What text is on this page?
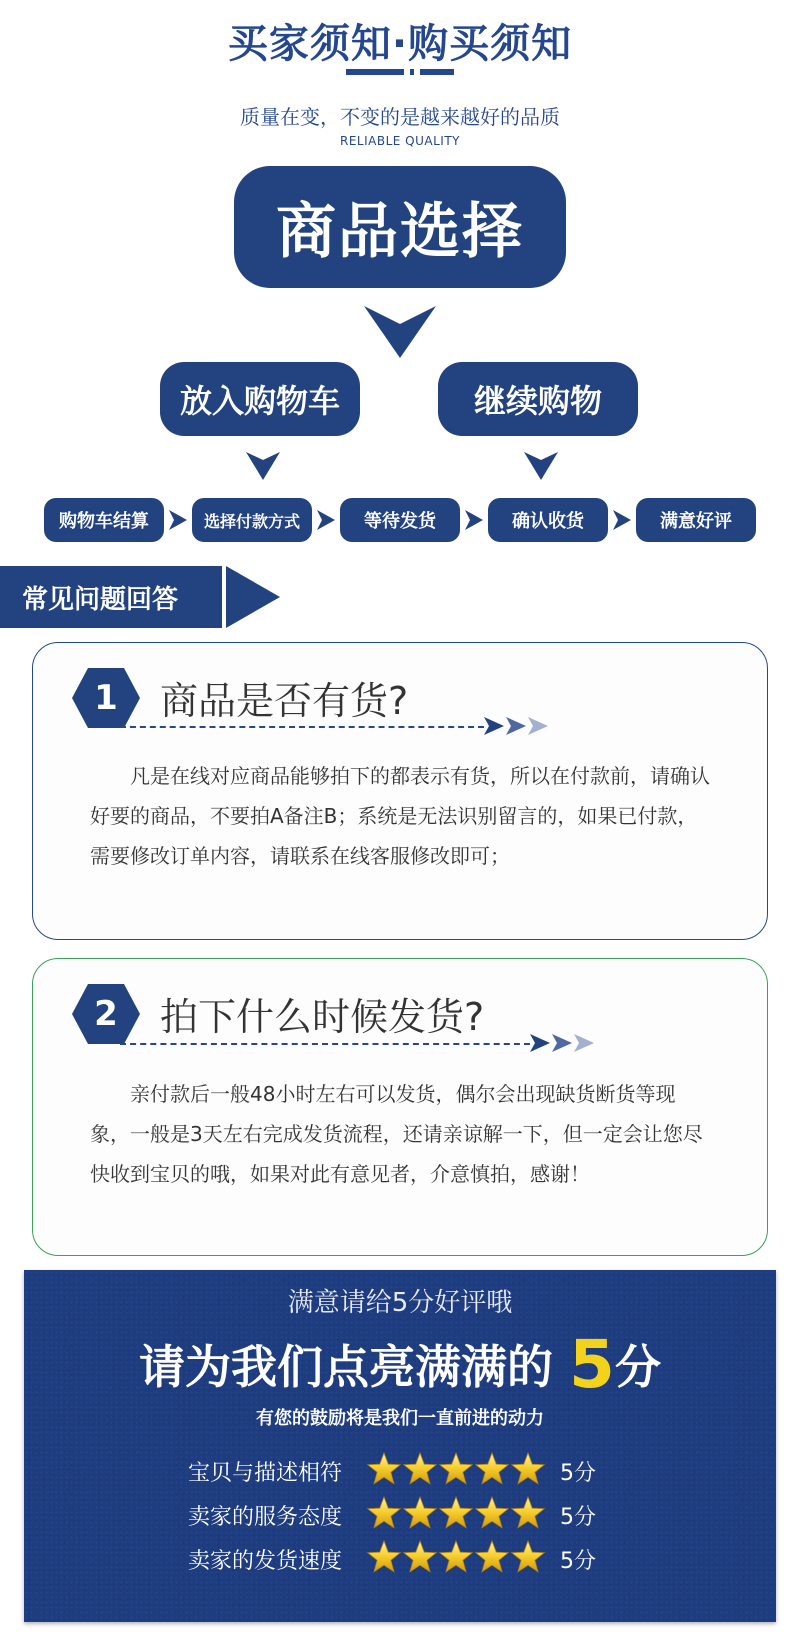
买家须知·购买须知
质量在变，不变的是越来越好的品质
RELIABLE QUALITY
商品选择
放入购物车	继续购物
购物车结算	选择付款方式	等待发货	确认收货	满意好评
常见问题回答
1	商品是否有货?
凡是在线对应商品能够拍下的都表示有货，所以在付款前，请确认好要的商品，不要拍A备注B；系统是无法识别留言的，如果已付款，需要修改订单内容，请联系在线客服修改即可；
2	拍下什么时候发货?
亲付款后一般48小时左右可以发货，偶尔会出现缺货断货等现象，一般是3天左右完成发货流程，还请亲谅解一下，但一定会让您尽快收到宝贝的哦，如果对此有意见者，介意慎拍，感谢！
满意请给5分好评哦
请为我们点亮满满的 5分
有您的鼓励将是我们一直前进的动力
宝贝与描述相符	5分
卖家的服务态度	5分
卖家的发货速度	5分
